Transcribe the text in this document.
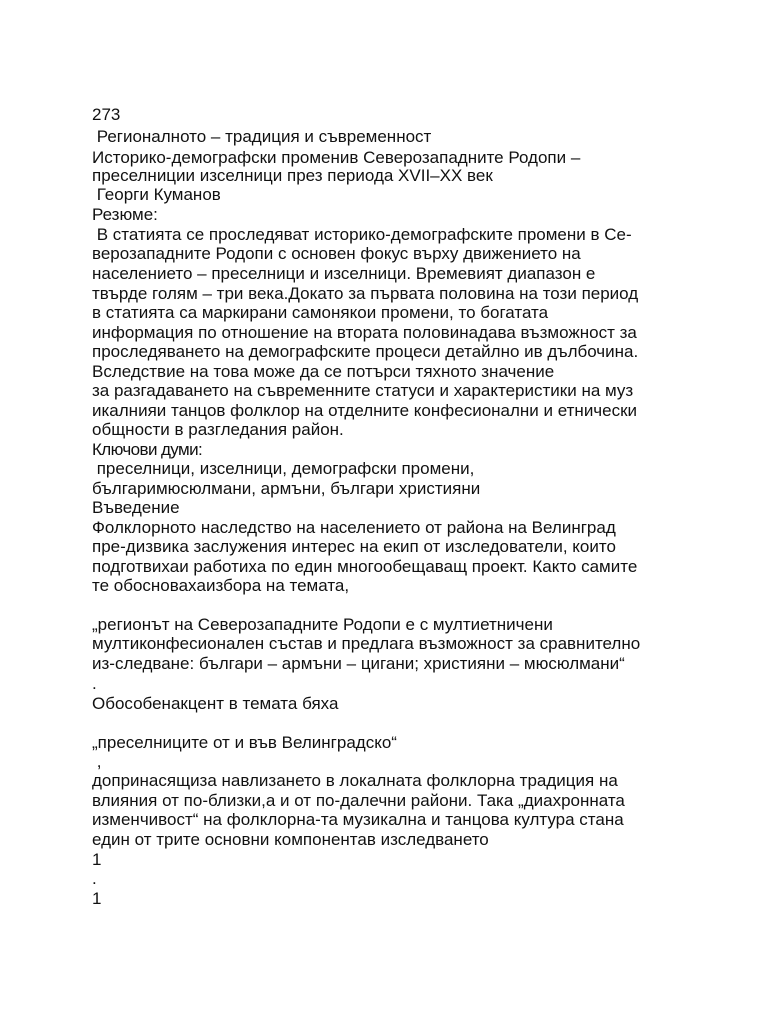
273
Регионалното – традиция и съвременност
Историко-демографски променив Северозападните Родопи –
преселниции изселници през периода XVII–XX век
Георги Куманов
Резюме:
В статията се проследяват историко-демографските промени в Се-
верозападните Родопи с основен фокус върху движението на
населението – преселници и изселници. Времевият диапазон е
твърде голям – три века.Докато за първата половина на този период
в статията са маркирани самонякои промени, то богатата
информация по отношение на втората половинадава възможност за
проследяването на демографските процеси детайлно ив дълбочина.
Вследствие на това може да се потърси тяхното значение
за разгадаването на съвременните статуси и характеристики на муз
икалнияи танцов фолклор на отделните конфесионални и етнически
общности в разгледания район.
Ключови думи:
преселници, изселници, демографски промени,
българимюсюлмани, армъни, българи християни
Въведение
Фолклорното наследство на населението от района на Велинград
пре-дизвика заслужения интерес на екип от изследователи, които
подготвихаи работихa по един многообещаващ проект. Както самите
те обосноваxaизбора на темата,
„регионът на Северозападните Родопи е с мултиетничени
мултиконфесионален състав и предлага възможност за сравнително
из-следване: българи – армъни – цигани; християни – мюсюлмани“
.
Обособенакцент в темата бяха
„преселниците от и във Велинградско“
,
допринасящиза навлизането в локалната фолклорна традиция на
влияния от по-близки,а и от по-далечни райони. Така „диахронната
изменчивост“ на фолклорна-та музикална и танцова култура стана
един от трите основни компонентав изследването
1
.
1
